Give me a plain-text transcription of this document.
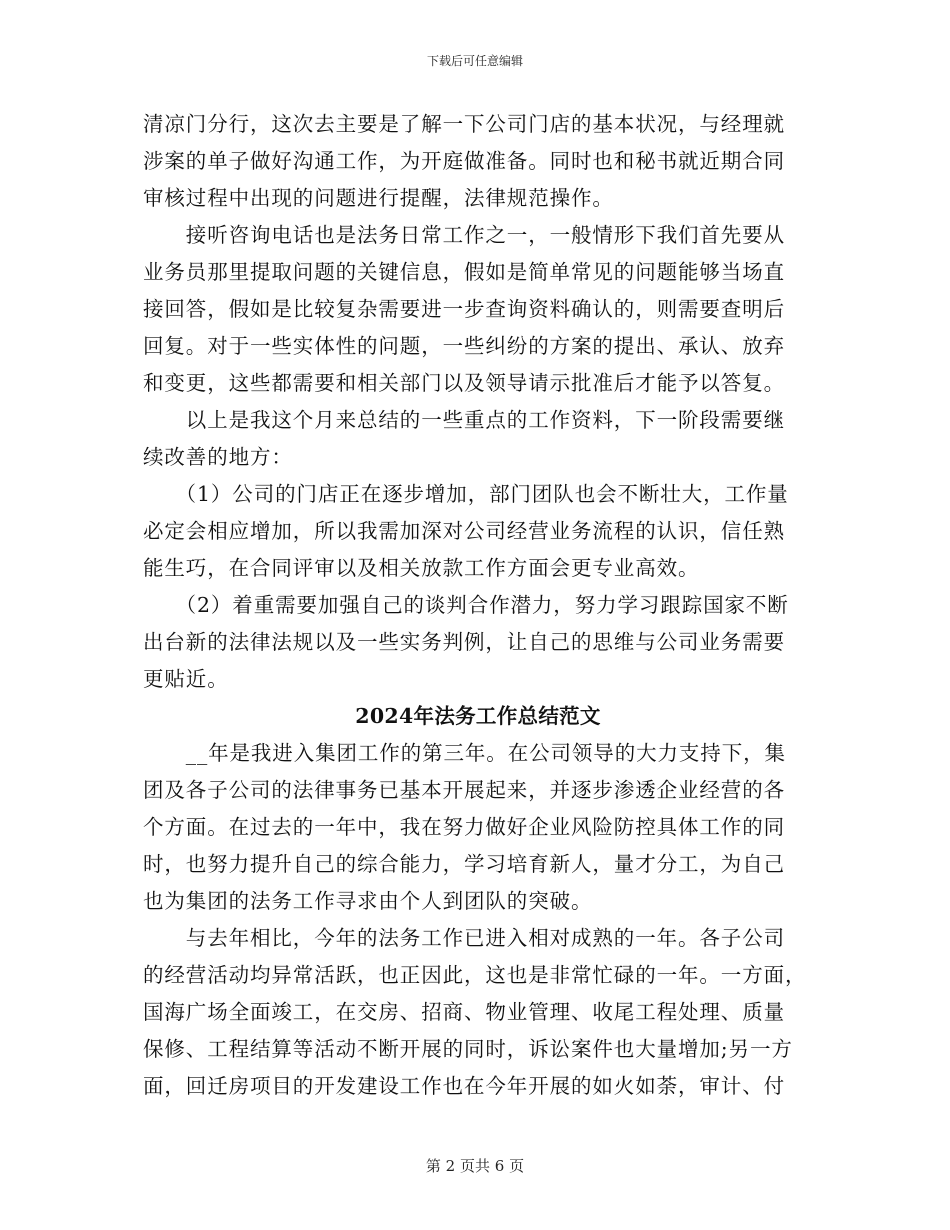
下载后可任意编辑
清凉门分行，这次去主要是了解一下公司门店的基本状况，与经理就
涉案的单子做好沟通工作，为开庭做准备。同时也和秘书就近期合同
审核过程中出现的问题进行提醒，法律规范操作。
　　接听咨询电话也是法务日常工作之一，一般情形下我们首先要从
业务员那里提取问题的关键信息，假如是简单常见的问题能够当场直
接回答，假如是比较复杂需要进一步查询资料确认的，则需要查明后
回复。对于一些实体性的问题，一些纠纷的方案的提出、承认、放弃
和变更，这些都需要和相关部门以及领导请示批准后才能予以答复。
　　以上是我这个月来总结的一些重点的工作资料，下一阶段需要继
续改善的地方：
　　（1）公司的门店正在逐步增加，部门团队也会不断壮大，工作量
必定会相应增加，所以我需加深对公司经营业务流程的认识，信任熟
能生巧，在合同评审以及相关放款工作方面会更专业高效。
　　（2）着重需要加强自己的谈判合作潜力，努力学习跟踪国家不断
出台新的法律法规以及一些实务判例，让自己的思维与公司业务需要
更贴近。
2024年法务工作总结范文
　　__年是我进入集团工作的第三年。在公司领导的大力支持下，集
团及各子公司的法律事务已基本开展起来，并逐步渗透企业经营的各
个方面。在过去的一年中，我在努力做好企业风险防控具体工作的同
时，也努力提升自己的综合能力，学习培育新人，量才分工，为自己
也为集团的法务工作寻求由个人到团队的突破。
　　与去年相比，今年的法务工作已进入相对成熟的一年。各子公司
的经营活动均异常活跃，也正因此，这也是非常忙碌的一年。一方面，
国海广场全面竣工，在交房、招商、物业管理、收尾工程处理、质量
保修、工程结算等活动不断开展的同时，诉讼案件也大量增加;另一方
面，回迁房项目的开发建设工作也在今年开展的如火如荼，审计、付
第 2 页共 6 页
